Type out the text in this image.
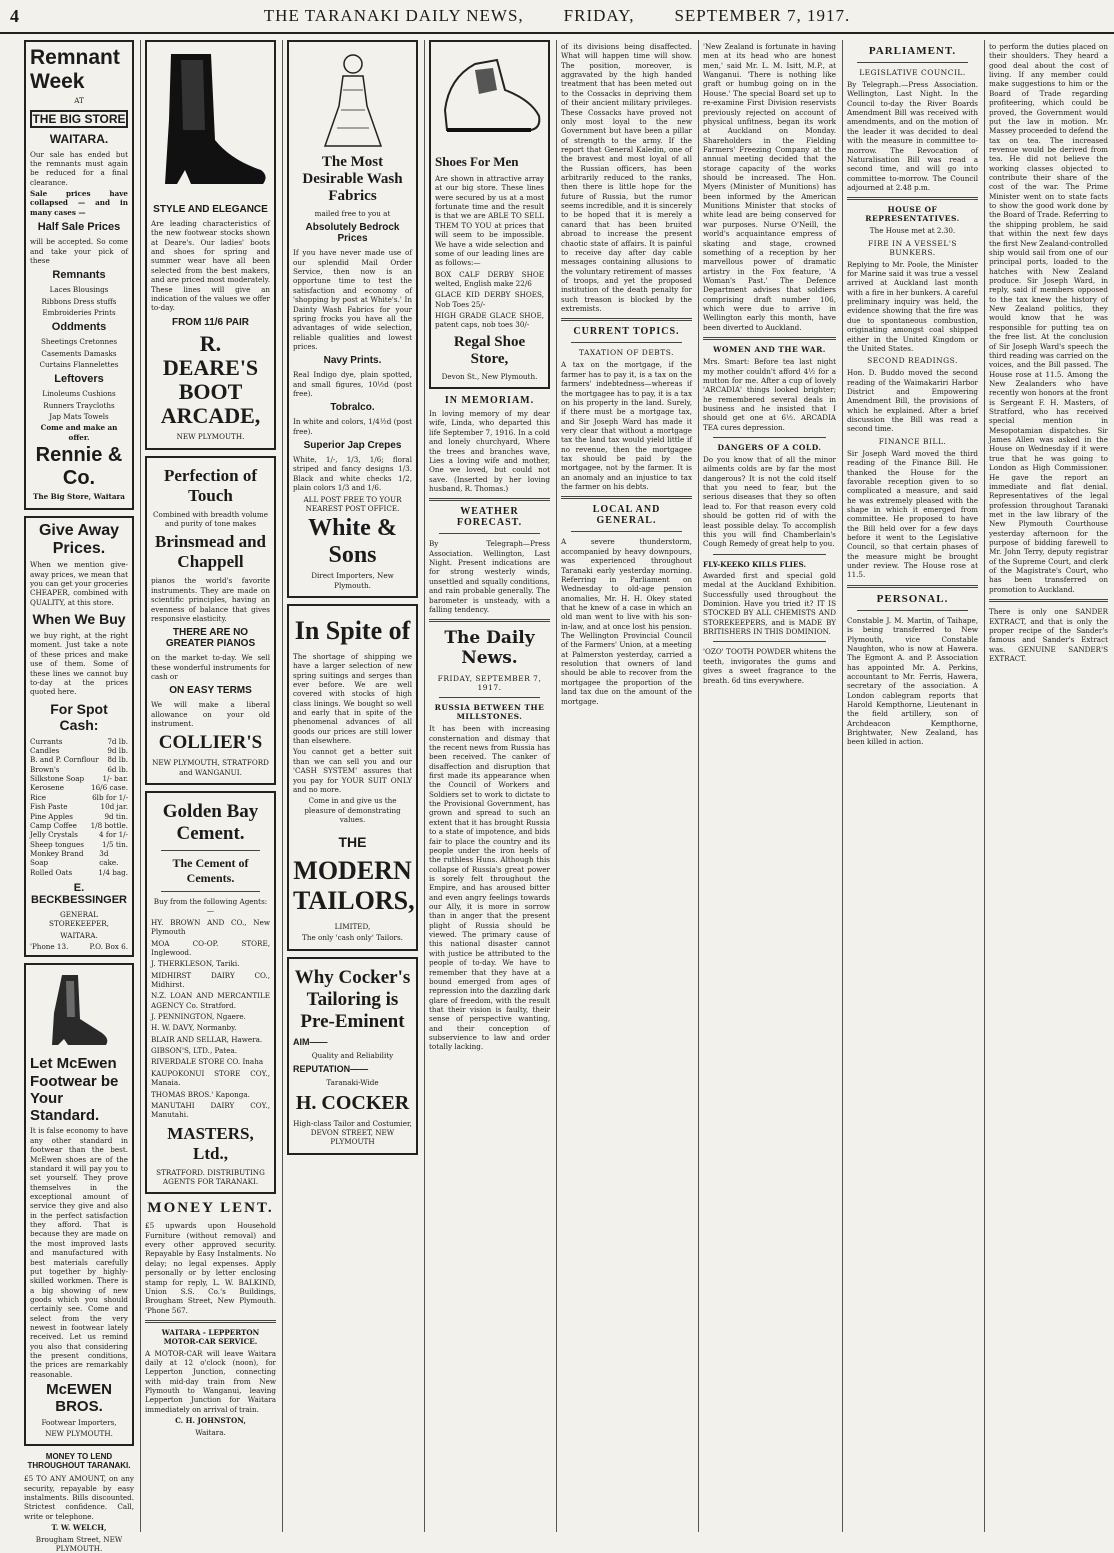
4	THE TARANAKI DAILY NEWS, FRIDAY, SEPTEMBER 7, 1917.
Remnant Week
AT
THE BIG STORE
WAITARA.
Our sale has ended but the remnants must again be reduced for a final clearance.
Sale prices have collapsed — and in many cases —
Half Sale Prices
will be accepted. So come and take your pick of these
Remnants
Laces Blousings
Ribbons Dress stuffs
Embroideries Prints
Oddments
Sheetings Cretonnes
Casements Damasks
Curtains Flannelettes
Leftovers
Linoleums Cushions
Runners Traycloths
Jap Mats Towels
Come and make an offer.
Rennie & Co.
The Big Store, Waitara
Give Away Prices.
When we mention give-away prices, we mean that you can get your groceries CHEAPER, combined with QUALITY, at this store.
When We Buy
we buy right, at the right moment. Just take a note of these prices and make use of them. Some of these lines we cannot buy to-day at the prices quoted here.
For Spot Cash:
Currants	7d lb.
Candles	9d lb.
B. and P. Cornflour 8d lb.
Brown's	6d lb.
Silkstone Soap	1/- bar.
Kerosene	16/6 case.
Rice	6lb for 1/-
Fish Paste	10d jar.
Pine Apples	9d tin.
Camp Coffee 1/8 bottle.
Jelly Crystals	4 for 1/-
Sheep tongues	1/5 tin.
Monkey Brand Soap
3d cake.
Rolled Oats	1/4 bag.
E. BECKBESSINGER
GENERAL STOREKEEPER,
WAITARA.
'Phone 13.	P.O. Box 6.
Let McEwen Footwear be Your Standard.
It is false economy to have any other standard in footwear than the best. McEwen shoes are of the standard it will pay you to set yourself. They prove themselves in the exceptional amount of service they give and also in the perfect satisfaction they afford. That is because they are made on the most improved lasts and manufactured with best materials carefully put together by highly-skilled workmen. There is a big showing of new goods which you should certainly see. Come and select from the very newest in footwear lately received. Let us remind you also that considering the present conditions, the prices are remarkably reasonable.
McEWEN BROS.
Footwear Importers,
NEW PLYMOUTH.
MONEY TO LEND THROUGHOUT TARANAKI.
£5 TO ANY AMOUNT, on any security, repayable by easy instalments. Bills discounted. Strictest confidence. Call, write or telephone.
T. W. WELCH,
Brougham Street, NEW PLYMOUTH.
STYLE AND ELEGANCE
Are leading characteristics of the new footwear stocks shown at Deare's. Our ladies' boots and shoes for spring and summer wear have all been selected from the best makers, and are priced most moderately. These lines will give an indication of the values we offer to-day.
FROM 11/6 PAIR
R. DEARE'S BOOT ARCADE,
NEW PLYMOUTH.
Perfection of Touch
Combined with breadth volume and purity of tone makes
Brinsmead and Chappell
pianos the world's favorite instruments. They are made on scientific principles, having an evenness of balance that gives responsive elasticity.
THERE ARE NO GREATER PIANOS
on the market to-day. We sell these wonderful instruments for cash or
ON EASY TERMS
We will make a liberal allowance on your old instrument.
COLLIER'S
NEW PLYMOUTH, STRATFORD and WANGANUI.
Golden Bay Cement.
The Cement of Cements.
Buy from the following Agents:—
HY. BROWN AND CO., New Plymouth
MOA CO-OP. STORE, Inglewood.
J. THERKLESON, Tariki.
MIDHIRST DAIRY CO., Midhirst.
N.Z. LOAN AND MERCANTILE AGENCY Co. Stratford.
J. PENNINGTON, Ngaere.
H. W. DAVY, Normanby.
BLAIR AND SELLAR, Hawera.
GIBSON'S, LTD., Patea.
RIVERDALE STORE CO. Inaha
KAUPOKONUI STORE COY., Manaia.
THOMAS BROS.' Kaponga.
MANUTAHI DAIRY COY., Manutahi.
MASTERS, Ltd.,
STRATFORD. DISTRIBUTING AGENTS FOR TARANAKI.
MONEY LENT.
£5 upwards upon Household Furniture (without removal) and every other approved security. Repayable by Easy Instalments. No delay; no legal expenses. Apply personally or by letter enclosing stamp for reply, L. W. BALKIND, Union S.S. Co.'s Buildings, Brougham Street, New Plymouth. 'Phone 567.
WAITARA - LEPPERTON MOTOR-CAR SERVICE.
A MOTOR-CAR will leave Waitara daily at 12 o'clock (noon), for Lepperton Junction, connecting with mid-day train from New Plymouth to Wanganui, leaving Lepperton Junction for Waitara immediately on arrival of train.
C. H. JOHNSTON,
Waitara.
The Most Desirable Wash Fabrics
mailed free to you at
Absolutely Bedrock Prices
If you have never made use of our splendid Mail Order Service, then now is an opportune time to test the satisfaction and economy of 'shopping by post at White's.' In Dainty Wash Fabrics for your spring frocks you have all the advantages of wide selection, reliable qualities and lowest prices.
Navy Prints.
Real Indigo dye, plain spotted, and small figures, 10½d (post free).
Tobralco.
In white and colors, 1/4½d (post free).
Superior Jap Crepes
White, 1/-, 1/3, 1/6; floral striped and fancy designs 1/3. Black and white checks 1/2, plain colors 1/3 and 1/6.
ALL POST FREE TO YOUR NEAREST POST OFFICE.
White & Sons
Direct Importers, New Plymouth.
In Spite of
The shortage of shipping we have a larger selection of new spring suitings and serges than ever before. We are well covered with stocks of high class linings. We bought so well and early that in spite of the phenomenal advances of all goods our prices are still lower than elsewhere.
You cannot get a better suit than we can sell you and our 'CASH SYSTEM' assures that you pay for YOUR SUIT ONLY and no more.
Come in and give us the pleasure of demonstrating values.
THE
MODERN TAILORS,
LIMITED,
The only 'cash only' Tailors.
Why Cocker's Tailoring is Pre-Eminent
AIM——
Quality and Reliability
REPUTATION——
Taranaki-Wide
H. COCKER
High-class Tailor and Costumier, DEVON STREET, NEW PLYMOUTH
Shoes For Men
Are shown in attractive array at our big store. These lines were secured by us at a most fortunate time and the result is that we are ABLE TO SELL THEM TO YOU at prices that will seem to be impossible. We have a wide selection and some of our leading lines are as follows:—
BOX CALF DERBY SHOE welted, English make 22/6
GLACE KID DERBY SHOES, Nob Toes 25/-
HIGH GRADE GLACE SHOE, patent caps, nob toes 30/-
Regal Shoe Store,
Devon St., New Plymouth.
IN MEMORIAM.
In loving memory of my dear wife, Linda, who departed this life September 7, 1916. In a cold and lonely churchyard, Where the trees and branches wave, Lies a loving wife and mother, One we loved, but could not save. (Inserted by her loving husband, R. Thomas.)
WEATHER FORECAST.
By Telegraph—Press Association. Wellington, Last Night. Present indications are for strong westerly winds, unsettled and squally conditions, and rain probable generally. The barometer is unsteady, with a falling tendency.
The Daily News.
FRIDAY, SEPTEMBER 7, 1917.
RUSSIA BETWEEN THE MILLSTONES.
It has been with increasing consternation and dismay that the recent news from Russia has been received. The canker of disaffection and disruption that first made its appearance when the Council of Workers and Soldiers set to work to dictate to the Provisional Government, has grown and spread to such an extent that it has brought Russia to a state of impotence, and bids fair to place the country and its people under the iron heels of the ruthless Huns. Although this collapse of Russia's great power is sorely felt throughout the Empire, and has aroused bitter and even angry feelings towards our Ally, it is more in sorrow than in anger that the present plight of Russia should be viewed. The primary cause of this national disaster cannot with justice be attributed to the people of to-day. We have to remember that they have at a bound emerged from ages of repression into the dazzling dark glare of freedom, with the result that their vision is faulty, their sense of perspective wanting, and their conception of subservience to law and order totally lacking.
of its divisions being disaffected. What will happen time will show. The position, moreover, is aggravated by the high handed treatment that has been meted out to the Cossacks in depriving them of their ancient military privileges. These Cossacks have proved not only most loyal to the new Government but have been a pillar of strength to the army. If the report that General Kaledin, one of the bravest and most loyal of all the Russian officers, has been arbitrarily reduced to the ranks, then there is little hope for the future of Russia, but the rumor seems incredible, and it is sincerely to be hoped that it is merely a canard that has been bruited abroad to increase the present chaotic state of affairs. It is painful to receive day after day cable messages containing allusions to the voluntary retirement of masses of troops, and yet the proposed institution of the death penalty for such treason is blocked by the extremists.
CURRENT TOPICS.
TAXATION OF DEBTS.
A tax on the mortgage, if the farmer has to pay it, is a tax on the farmers' indebtedness—whereas if the mortgagee has to pay, it is a tax on his property in the land. Surely, if there must be a mortgage tax, and Sir Joseph Ward has made it very clear that without a mortgage tax the land tax would yield little if no revenue, then the mortgagee tax should be paid by the mortgagee, not by the farmer. It is an anomaly and an injustice to tax the farmer on his debts.
LOCAL AND GENERAL.
A severe thunderstorm, accompanied by heavy downpours, was experienced throughout Taranaki early yesterday morning. Referring in Parliament on Wednesday to old-age pension anomalies, Mr. H. H. Okey stated that he knew of a case in which an old man went to live with his son-in-law, and at once lost his pension. The Wellington Provincial Council of the Farmers' Union, at a meeting at Palmerston yesterday, carried a resolution that owners of land should be able to recover from the mortgagee the proportion of the land tax due on the amount of the mortgage.
'New Zealand is fortunate in having men at its head who are honest men,' said Mr. L. M. Isitt, M.P., at Wanganui. 'There is nothing like graft or humbug going on in the House.' The special Board set up to re-examine First Division reservists previously rejected on account of physical unfitness, began its work at Auckland on Monday. Shareholders in the Fielding Farmers' Freezing Company at the annual meeting decided that the storage capacity of the works should be increased. The Hon. Myers (Minister of Munitions) has been informed by the American Munitions Minister that stocks of white lead are being conserved for war purposes. Nurse O'Neill, the world's acquaintance empress of skating and stage, crowned something of a reception by her marvellous power of dramatic artistry in the Fox feature, 'A Woman's Past.' The Defence Department advises that soldiers comprising draft number 106, which were due to arrive in Wellington early this month, have been diverted to Auckland.
WOMEN AND THE WAR.
Mrs. Smart: Before tea last night my mother couldn't afford 4½ for a mutton for me. After a cup of lovely 'ARCADIA' things looked brighter; he remembered several deals in business and he insisted that I should get one at 6½. ARCADIA TEA cures depression.
DANGERS OF A COLD.
Do you know that of all the minor ailments colds are by far the most dangerous? It is not the cold itself that you need to fear, but the serious diseases that they so often lead to. For that reason every cold should be gotten rid of with the least possible delay. To accomplish this you will find Chamberlain's Cough Remedy of great help to you.
FLY-KEEKO KILLS FLIES.
Awarded first and special gold medal at the Auckland Exhibition. Successfully used throughout the Dominion. Have you tried it? IT IS STOCKED BY ALL CHEMISTS AND STOREKEEPERS, and is MADE BY BRITISHERS IN THIS DOMINION.
'OZO' TOOTH POWDER whitens the teeth, invigorates the gums and gives a sweet fragrance to the breath. 6d tins everywhere.
PARLIAMENT.
LEGISLATIVE COUNCIL.
By Telegraph.—Press Association. Wellington, Last Night. In the Council to-day the River Boards Amendment Bill was received with amendments, and on the motion of the leader it was decided to deal with the measure in committee to-morrow. The Revocation of Naturalisation Bill was read a second time, and will go into committee to-morrow. The Council adjourned at 2.48 p.m.
HOUSE OF REPRESENTATIVES.
The House met at 2.30.
FIRE IN A VESSEL'S BUNKERS.
Replying to Mr. Poole, the Minister for Marine said it was true a vessel arrived at Auckland last month with a fire in her bunkers. A careful preliminary inquiry was held, the evidence showing that the fire was due to spontaneous combustion, originating amongst coal shipped either in the United Kingdom or the United States.
SECOND READINGS.
Hon. D. Buddo moved the second reading of the Waimakariri Harbor District and Empowering Amendment Bill, the provisions of which he explained. After a brief discussion the Bill was read a second time.
FINANCE BILL.
Sir Joseph Ward moved the third reading of the Finance Bill. He thanked the House for the favorable reception given to so complicated a measure, and said he was extremely pleased with the shape in which it emerged from committee. He proposed to have the Bill held over for a few days before it went to the Legislative Council, so that certain phases of the measure might be brought under review. The House rose at 11.5.
PERSONAL.
Constable J. M. Martin, of Taihape, is being transferred to New Plymouth, vice Constable Naughton, who is now at Hawera. The Egmont A. and P. Association has appointed Mr. A. Perkins, accountant to Mr. Ferris, Hawera, secretary of the association. A London cablegram reports that Harold Kempthorne, Lieutenant in the field artillery, son of Archdeacon Kempthorne, Brightwater, New Zealand, has been killed in action.
to perform the duties placed on their shoulders. They heard a good deal about the cost of living. If any member could make suggestions to him or the Board of Trade regarding profiteering, which could be proved, the Government would put the law in motion. Mr. Massey proceeded to defend the tax on tea. The increased revenue would be derived from tea. He did not believe the working classes objected to contribute their share of the cost of the war. The Prime Minister went on to state facts to show the good work done by the Board of Trade. Referring to the shipping problem, he said that within the next few days the first New Zealand-controlled ship would sail from one of our principal ports, loaded to the hatches with New Zealand produce. Sir Joseph Ward, in reply, said if members opposed to the tax knew the history of New Zealand politics, they would know that he was responsible for putting tea on the free list. At the conclusion of Sir Joseph Ward's speech the third reading was carried on the voices, and the Bill passed. The House rose at 11.5. Among the New Zealanders who have recently won honors at the front is Sergeant F. H. Masters, of Stratford, who has received special mention in Mesopotamian dispatches. Sir James Allen was asked in the House on Wednesday if it were true that he was going to London as High Commissioner. He gave the report an immediate and flat denial. Representatives of the legal profession throughout Taranaki met in the law library of the New Plymouth Courthouse yesterday afternoon for the purpose of bidding farewell to Mr. John Terry, deputy registrar of the Supreme Court, and clerk of the Magistrate's Court, who has been transferred on promotion to Auckland.
There is only one SANDER EXTRACT, and that is only the proper recipe of the Sander's famous and Sander's Extract was. GENUINE SANDER'S EXTRACT.
